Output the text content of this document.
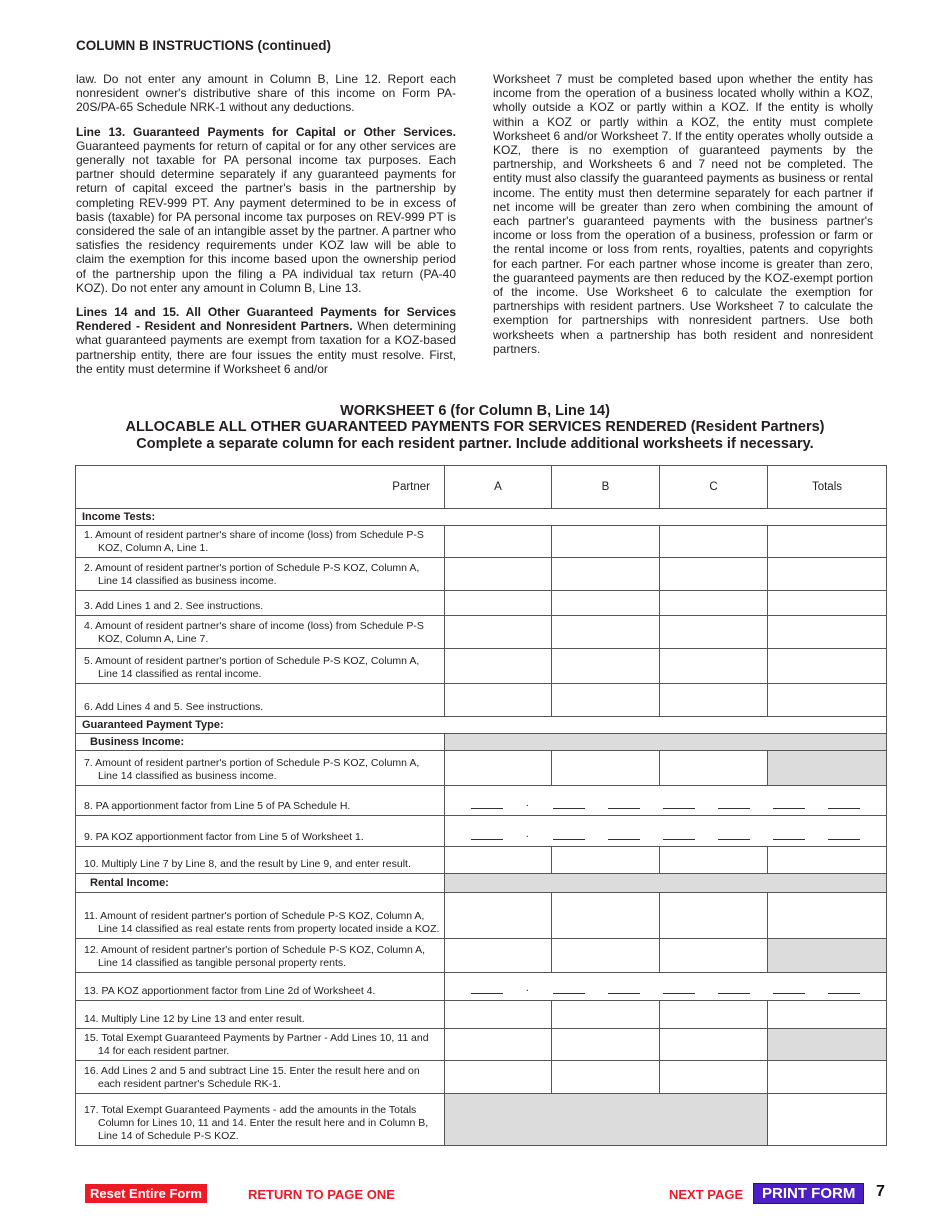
COLUMN B INSTRUCTIONS (continued)

law. Do not enter any amount in Column B, Line 12. Report each nonresident owner's distributive share of this income on Form PA-20S/PA-65 Schedule NRK-1 without any deductions.

Line 13. Guaranteed Payments for Capital or Other Services. Guaranteed payments for return of capital or for any other services are generally not taxable for PA personal income tax purposes. Each partner should determine separately if any guaranteed payments for return of capital exceed the partner's basis in the partnership by completing REV-999 PT. Any payment determined to be in excess of basis (taxable) for PA personal income tax purposes on REV-999 PT is considered the sale of an intangible asset by the partner. A partner who satisfies the residency requirements under KOZ law will be able to claim the exemption for this income based upon the ownership period of the partnership upon the filing a PA individual tax return (PA-40 KOZ). Do not enter any amount in Column B, Line 13.

Lines 14 and 15. All Other Guaranteed Payments for Services Rendered - Resident and Nonresident Partners. When determining what guaranteed payments are exempt from taxation for a KOZ-based partnership entity, there are four issues the entity must resolve. First, the entity must determine if Worksheet 6 and/or

Worksheet 7 must be completed based upon whether the entity has income from the operation of a business located wholly within a KOZ, wholly outside a KOZ or partly within a KOZ. If the entity is wholly within a KOZ or partly within a KOZ, the entity must complete Worksheet 6 and/or Worksheet 7. If the entity operates wholly outside a KOZ, there is no exemption of guaranteed payments by the partnership, and Worksheets 6 and 7 need not be completed. The entity must also classify the guaranteed payments as business or rental income. The entity must then determine separately for each partner if net income will be greater than zero when combining the amount of each partner's guaranteed payments with the business partner's income or loss from the operation of a business, profession or farm or the rental income or loss from rents, royalties, patents and copyrights for each partner. For each partner whose income is greater than zero, the guaranteed payments are then reduced by the KOZ-exempt portion of the income. Use Worksheet 6 to calculate the exemption for partnerships with resident partners. Use Worksheet 7 to calculate the exemption for partnerships with nonresident partners. Use both worksheets when a partnership has both resident and nonresident partners.

WORKSHEET 6 (for Column B, Line 14)
ALLOCABLE ALL OTHER GUARANTEED PAYMENTS FOR SERVICES RENDERED (Resident Partners)
Complete a separate column for each resident partner. Include additional worksheets if necessary.
Partner	A	B	C	Totals
Income Tests:				
1. Amount of resident partner's share of income (loss) from Schedule P-S KOZ, Column A, Line 1.				
2. Amount of resident partner's portion of Schedule P-S KOZ, Column A, Line 14 classified as business income.				
3. Add Lines 1 and 2. See instructions.				
4. Amount of resident partner's share of income (loss) from Schedule P-S KOZ, Column A, Line 7.				
5. Amount of resident partner's portion of Schedule P-S KOZ, Column A, Line 14 classified as rental income.				
6. Add Lines 4 and 5. See instructions.				
Guaranteed Payment Type:				
Business Income:				
7. Amount of resident partner's portion of Schedule P-S KOZ, Column A, Line 14 classified as business income.				
8. PA apportionment factor from Line 5 of PA Schedule H.	.			

9. PA KOZ apportionment factor from Line 5 of Worksheet 1.	.			

10. Multiply Line 7 by Line 8, and the result by Line 9, and enter result.				
Rental Income:				
11. Amount of resident partner's portion of Schedule P-S KOZ, Column A, Line 14 classified as real estate rents from property located inside a KOZ.				
12. Amount of resident partner's portion of Schedule P-S KOZ, Column A, Line 14 classified as tangible personal property rents.				
13. PA KOZ apportionment factor from Line 2d of Worksheet 4.	.			

14. Multiply Line 12 by Line 13 and enter result.				
15. Total Exempt Guaranteed Payments by Partner - Add Lines 10, 11 and 14 for each resident partner.				
16. Add Lines 2 and 5 and subtract Line 15. Enter the result here and on each resident partner's Schedule RK-1.				
17. Total Exempt Guaranteed Payments - add the amounts in the Totals Column for Lines 10, 11 and 14. Enter the result here and in Column B, Line 14 of Schedule P-S KOZ.				
Reset Entire Form	RETURN TO PAGE ONE	NEXT PAGE	PRINT FORM	7
